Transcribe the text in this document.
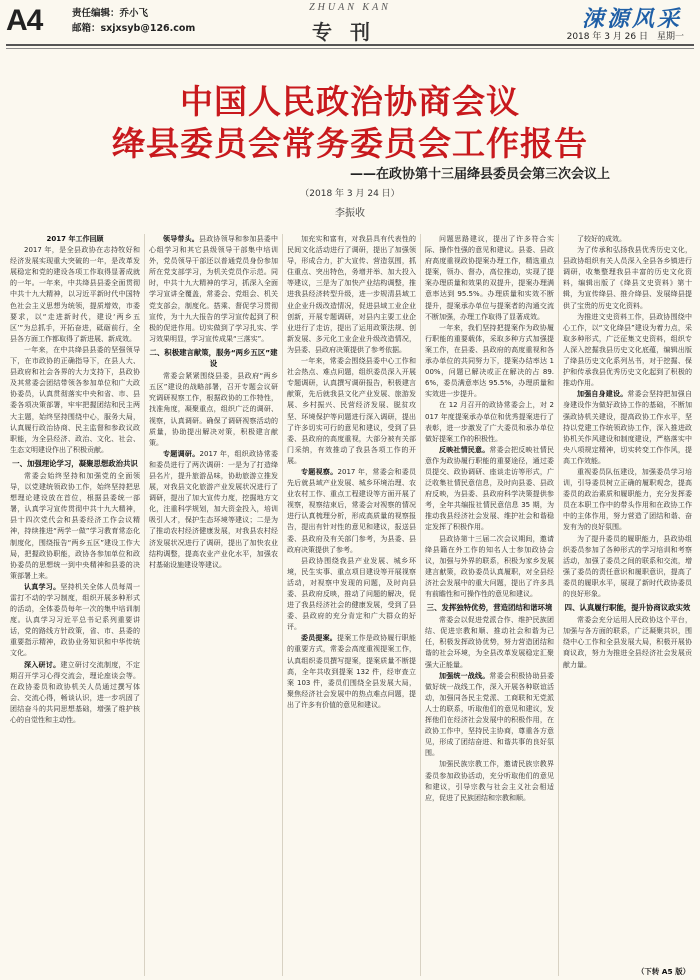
A4	责任编辑：乔小飞
邮箱：sxjxsyb@126.com
ZHUAN KAN
专刊	涑源风采
2018 年 3 月 26 日　星期一
中国人民政治协商会议
绛县委员会常务委员会工作报告
——在政协第十三届绛县委员会第三次会议上
（2018 年 3 月 24 日）
李振收

2017 年工作回顾

2017 年，是全县政协在志持牧好和经济发展实现重大突破的一年，是改革发展稳定和党的建设各项工作取得显著成就的一年。一年来，中共绛县县委全面贯彻中共十九大精神，以习近平新时代中国特色社会主义思想为统领，提质增效，市委要求，以“走进新时代，建设‘两乡五区’”为总抓手，开拓奋进，砥砺前行，全县各方面工作都取得了新进展、新成效。

一年来，在中共绛县县委的坚强领导下，在市政协的正确指导下，在县人大、县政府和社会各界的大力支持下，县政协及其常委会团结带领各参加单位和广大政协委员，认真贯彻落实中央和省、市、县委各项决策部署，牢牢把握团结和民主两大主题，始终坚持围绕中心，服务大局，认真履行政治协商、民主监督和参政议政职能，为全县经济、政治、文化、社会、生态文明建设作出了积极贡献。

一、加强理论学习，凝聚思想政治共识

常委会始终坚持和加强党的全面领导，以党建统领政协工作，始终坚持把思想理论建设放在首位，根据县委统一部署，认真学习宣传贯彻中共十九大精神，县十四次党代会和县委经济工作会议精神，持续推进“两学一做”学习教育常态化制度化，围绕报告“两乡五区”建设工作大局，把握政协职能，政协各参加单位和政协委员的思想统一到中央精神和县委的决策部署上来。

认真学习。坚持机关全体人员每周一雷打不动的学习制度，组织开展多种形式的活动，全体委员每年一次的集中培训制度。认真学习习近平总书记系列重要讲话，党的路线方针政策，省、市、县委的重要指示精神，政协业务知识和中华传统文化。

深入研讨。建立研讨交流制度，不定期召开学习心得交流会，理论座谈会等。在政协委员和政协机关人员通过撰写体会、交流心得，畅谈认识，进一步巩固了团结奋斗的共同思想基础，增强了维护核心的自觉性和主动性。

领导带头。县政协领导和参加县委中心组学习和其它县级领导干部集中培训外，党员领导干部还以普通党员身份参加所在党支部学习，为机关党员作示范。同时，中共十九大精神的学习，抓深入全面学习宣讲全覆盖，常委会、党组会、机关党支部会，制度化。搭乘、督促学习贯彻宣传，为十九大报告的学习宣传起到了积极的促进作用。切实做到了学习扎实、学习效果明显，学习宣传成果“三落实”。

二、积极建言献策，服务“两乡五区”建设

常委会紧紧围绕县委，县政府“两乡五区”建设的战略部署，召开专题会议研究调研视察工作，根据政协的工作特性，找准角度，凝聚重点，组织广泛的调研、视察，认真调研。确保了调研视察活动的质量，协助提出解决对策，积极建言献策。

专题调研。2017 年，组织政协常委和委员进行了两次调研：一是为了打造绛县名片，提升旅游品味，协助旅游立推发展，对我县文化旅游产业发展状况进行了调研，提出了加大宣传力度，挖掘地方文化，注重科学规划，加大资金投入，培训吸引人才，保护生态环境等建议；二是为了推动农村经济健康发展，对我县农村经济发展状况进行了调研，提出了加快农业结构调整，提高农业产业化水平，加强农村基础设施建设等建议。

加充实和富有，对我县具有代表性的民间文化活动进行了调研，提出了加强领导，形成合力，扩大宣传、营造氛围，抓住重点、突出特色，务增并举、加大投入等建议，三是为了加快产业结构调整，推进我县经济转型升级，进一步规清县域工业企业升级改造情况，促进县域工业企业创新，开展专题调研，对县内主要工业企业进行了走访，提出了运用政策法规、创新发展、多元化工业企业升级改造情况，为县委、县政府决策提供了参考依据。

一年来，常委会围绕县委中心工作和社会热点、难点问题，组织委员深入开展专题调研，认真撰写调研报告，积极建言献策，先后就我县文化产业发展、旅游发展、乡村振兴、民营经济发展、脱贫攻坚、环境保护等问题进行深入调研，提出了许多切实可行的意见和建议，受到了县委、县政府的高度重视，大部分被有关部门采纳，有效推动了我县各项工作的开展。

专题视察。2017 年，常委会和委员先后就县域产业发展、城乡环境治理、农业农村工作、重点工程建设等方面开展了视察，视察结束后，常委会对视察的情况进行认真梳理分析，形成高质量的视察报告，提出有针对性的意见和建议，报送县委、县政府及有关部门参考，为县委、县政府决策提供了参考。

县政协围绕我县产业发展、城乡环境，民生实事、重点项目建设等开展视察活动，对视察中发现的问题，及时向县委、县政府反映，推动了问题的解决，促进了我县经济社会的健康发展，受到了县委、县政府的充分肯定和广大群众的好评。

委员提案。提案工作是政协履行职能的重要方式，常委会高度重视提案工作，认真组织委员撰写提案，提案质量不断提高，全年共收到提案 132 件，经审查立案 103 件，委员们围绕全县发展大局，聚焦经济社会发展中的热点难点问题，提出了许多有价值的意见和建议。

问题思路建议，提出了许多符合实际、操作性强的意见和建议。县委、县政府高度重视政协提案办理工作，精选重点提案，领办、督办，高位推动，实现了提案办理质量和效果的双提升，提案办理满意率达到 95.5%。办理质量和实效不断提升，提案承办单位与提案者的沟通交流不断加强，办理工作取得了显著成效。

一年来，我们坚持把提案作为政协履行职能的重要载体，采取多种方式加强提案工作，在县委、县政府的高度重视和各承办单位的共同努力下，提案办结率达 100%，问题已解决或正在解决的占 89.6%，委员满意率达 95.5%，办理质量和实效进一步提升。

在 12 月召开的政协常委会上，对 2017 年度提案承办单位和优秀提案进行了表彰，进一步激发了广大委员和承办单位做好提案工作的积极性。

反映社情民意。常委会把反映社情民意作为政协履行职能的重要途径，通过委员提交、政协调研、座谈走访等形式，广泛收集社情民意信息，及时向县委、县政府反映，为县委、县政府科学决策提供参考，全年共编报社情民意信息 35 期，为推动我县经济社会发展、维护社会和谐稳定发挥了积极作用。

县政协第十三届二次会议期间，邀请绛县籍在外工作的知名人士参加政协会议，加强与外界的联系，积极为家乡发展建言献策，政协委员认真履职，对全县经济社会发展中的重大问题，提出了许多具有前瞻性和可操作性的意见和建议。

三、发挥独特优势，营造团结和谐环境

常委会以促进党派合作、维护民族团结、促进宗教和顺、推动社会和谐为己任，积极发挥政协优势，努力营造团结和谐的社会环境，为全县改革发展稳定汇聚强大正能量。

加强统一战线。常委会积极协助县委做好统一战线工作，深入开展各种联谊活动，加强同各民主党派、工商联和无党派人士的联系，听取他们的意见和建议，发挥他们在经济社会发展中的积极作用，在政协工作中，坚持民主协商，尊重各方意见，形成了团结奋进、和谐共事的良好氛围。

加强民族宗教工作，邀请民族宗教界委员参加政协活动，充分听取他们的意见和建议，引导宗教与社会主义社会相适应，促进了民族团结和宗教和顺。

了较好的成效。

为了传承和弘扬我县优秀历史文化，县政协组织有关人员深入全县各乡镇进行调研，收集整理我县丰富的历史文化资料，编辑出版了《绛县文史资料》第十辑，为宣传绛县、推介绛县、发展绛县提供了宝贵的历史文化资料。

为推进文史资料工作，县政协围绕中心工作，以“文化绛县”建设为着力点，采取多种形式，广泛征集文史资料，组织专人深入挖掘我县历史文化底蕴，编辑出版了绛县历史文化系列丛书，对于挖掘、保护和传承我县优秀历史文化起到了积极的推动作用。

加强自身建设。常委会坚持把加强自身建设作为做好政协工作的基础，不断加强政协机关建设，提高政协工作水平，坚持以党建工作统领政协工作，深入推进政协机关作风建设和制度建设，严格落实中央八项规定精神，切实转变工作作风，提高工作效能。

重视委员队伍建设，加强委员学习培训，引导委员树立正确的履职观念，提高委员的政治素质和履职能力，充分发挥委员在本职工作中的带头作用和在政协工作中的主体作用，努力营造了团结和谐、奋发有为的良好氛围。

为了提升委员的履职能力，县政协组织委员参加了各种形式的学习培训和考察活动，加强了委员之间的联系和交流，增强了委员的责任意识和履职意识，提高了委员的履职水平，展现了新时代政协委员的良好形象。

四、认真履行职能，提升协商议政实效

常委会充分运用人民政协这个平台，加强与各方面的联系，广泛凝聚共识，围绕中心工作和全县发展大局，积极开展协商议政，努力为推进全县经济社会发展贡献力量。

（下转 A5 版）
